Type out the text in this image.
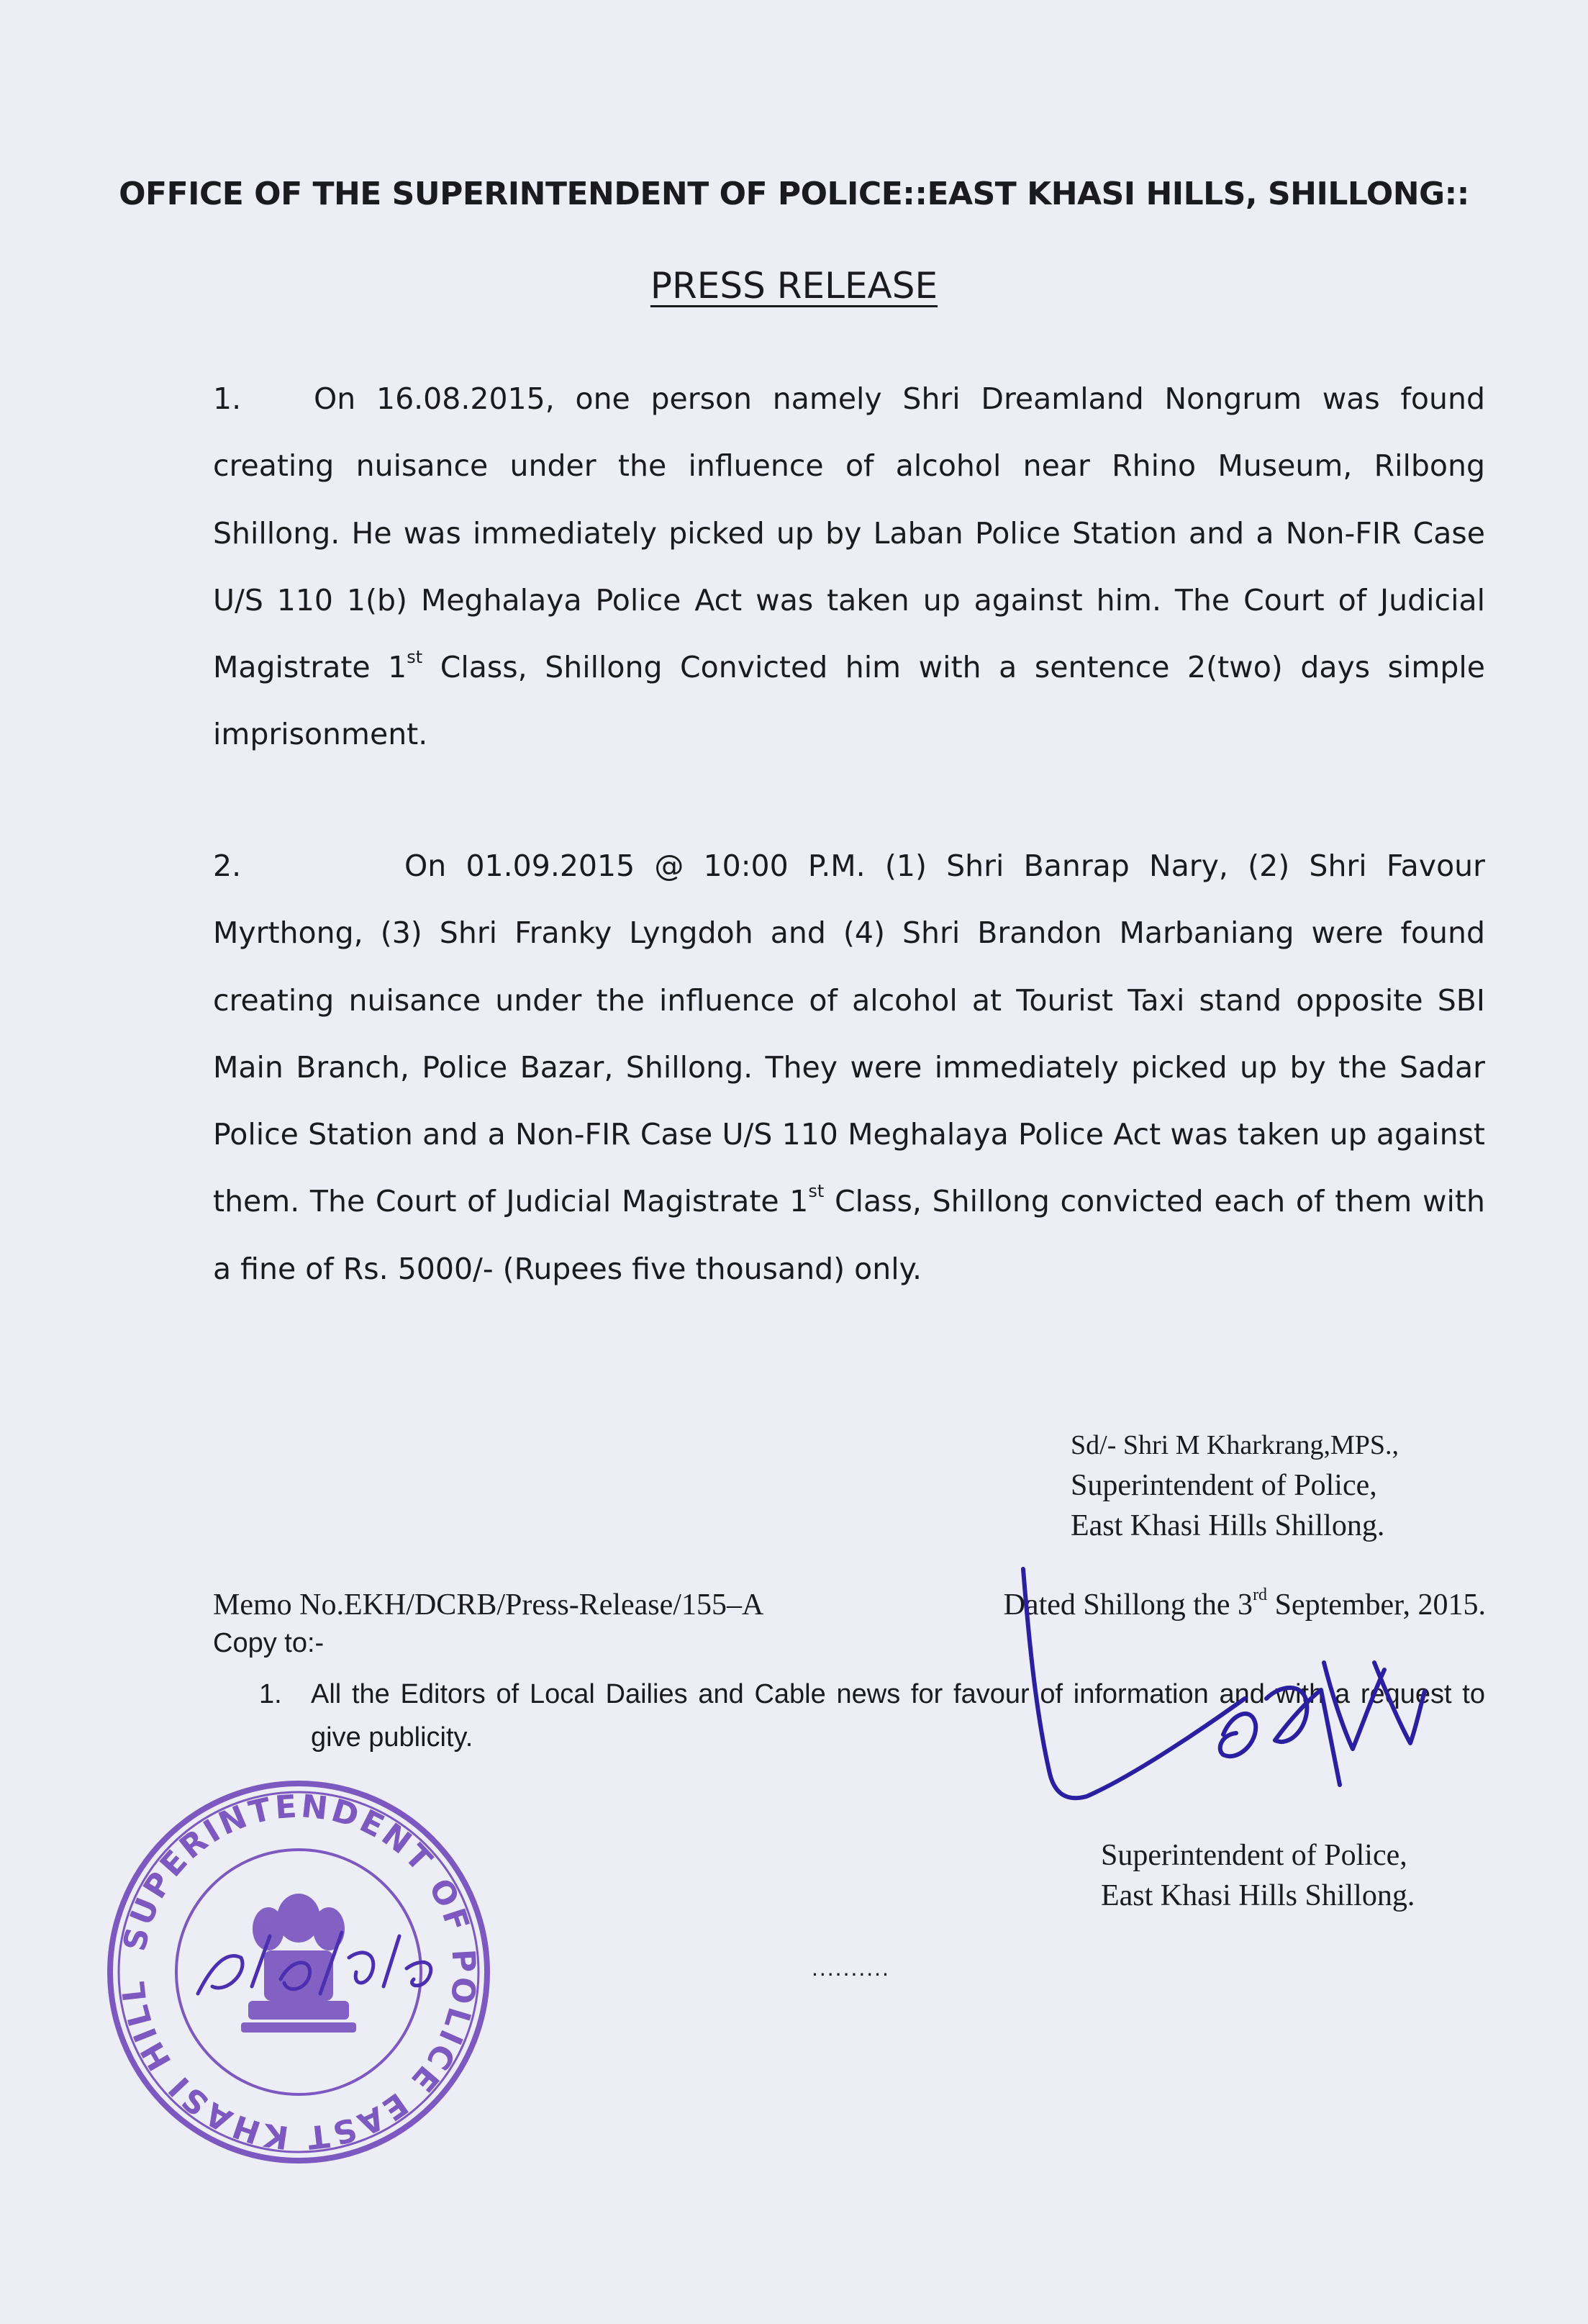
OFFICE OF THE SUPERINTENDENT OF POLICE::EAST KHASI HILLS, SHILLONG::
PRESS RELEASE

1. On 16.08.2015, one person namely Shri Dreamland Nongrum was found creating nuisance under the influence of alcohol near Rhino Museum, Rilbong Shillong. He was immediately picked up by Laban Police Station and a Non-FIR Case U/S 110 1(b) Meghalaya Police Act was taken up against him. The Court of Judicial Magistrate 1st Class, Shillong Convicted him with a sentence 2(two) days simple imprisonment.

2.	On 01.09.2015 @ 10:00 P.M. (1) Shri Banrap Nary, (2) Shri Favour Myrthong, (3) Shri Franky Lyngdoh and (4) Shri Brandon Marbaniang were found creating nuisance under the influence of alcohol at Tourist Taxi stand opposite SBI Main Branch, Police Bazar, Shillong. They were immediately picked up by the Sadar Police Station and a Non-FIR Case U/S 110 Meghalaya Police Act was taken up against them. The Court of Judicial Magistrate 1st Class, Shillong convicted each of them with a fine of Rs. 5000/- (Rupees five thousand) only.

Sd/- Shri M Kharkrang,MPS.,
Superintendent of Police,
East Khasi Hills Shillong.
Memo No.EKH/DCRB/Press-Release/155–A	Dated Shillong the 3rd September, 2015.
Copy to:-
1. All the Editors of Local Dailies and Cable news for favour of information and with a request to give publicity.
Superintendent of Police,
East Khasi Hills Shillong.
..........
SUPERINTENDENT OF POLICE EAST KHASI HILLS, SHILLONG
